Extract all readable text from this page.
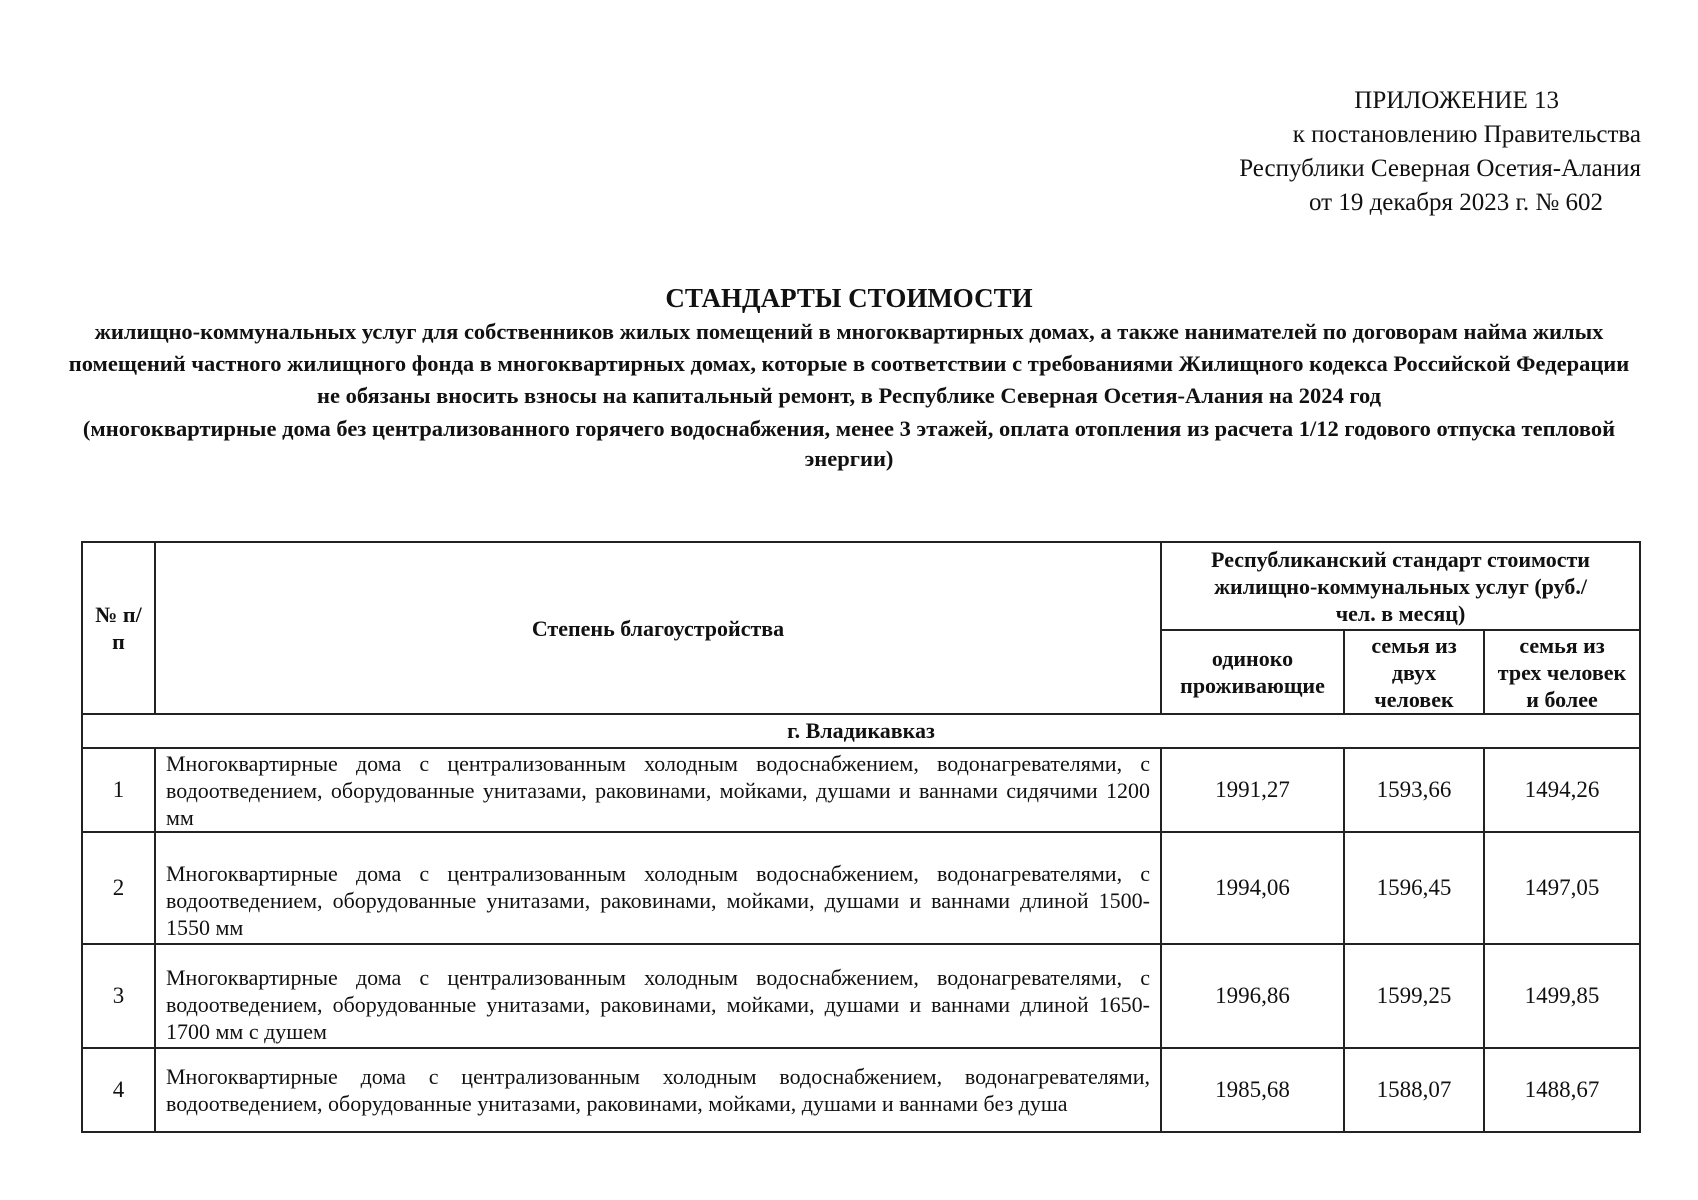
ПРИЛОЖЕНИЕ 13
к постановлению Правительства
Республики Северная Осетия-Алания
от 19 декабря 2023 г. № 602
СТАНДАРТЫ СТОИМОСТИ
жилищно-коммунальных услуг для собственников жилых помещений в многоквартирных домах, а также нанимателей по договорам найма жилых помещений частного жилищного фонда в многоквартирных домах, которые в соответствии с требованиями Жилищного кодекса Российской Федерации не обязаны вносить взносы на капитальный ремонт, в Республике Северная Осетия-Алания на 2024 год
(многоквартирные дома без централизованного горячего водоснабжения, менее 3 этажей, оплата отопления из расчета 1/12 годового отпуска тепловой энергии)
№ п/п	Степень благоустройства	Республиканский стандарт стоимости жилищно-коммунальных услуг (руб./чел. в месяц)		

		одиноко проживающие	семья из двух человек	семья из трех человек и более

г. Владикавказ				
1	Многоквартирные дома с централизованным холодным водоснабжением, водонагревателями, с водоотведением, оборудованные унитазами, раковинами, мойками, душами и ваннами сидячими 1200 мм	1991,27	1593,66	1494,26
2	Многоквартирные дома с централизованным холодным водоснабжением, водонагревателями, с водоотведением, оборудованные унитазами, раковинами, мойками, душами и ваннами длиной 1500-1550 мм	1994,06	1596,45	1497,05
3	Многоквартирные дома с централизованным холодным водоснабжением, водонагревателями, с водоотведением, оборудованные унитазами, раковинами, мойками, душами и ваннами длиной 1650-1700 мм с душем	1996,86	1599,25	1499,85
4	Многоквартирные дома с централизованным холодным водоснабжением, водонагревателями, водоотведением, оборудованные унитазами, раковинами, мойками, душами и ваннами без душа	1985,68	1588,07	1488,67
